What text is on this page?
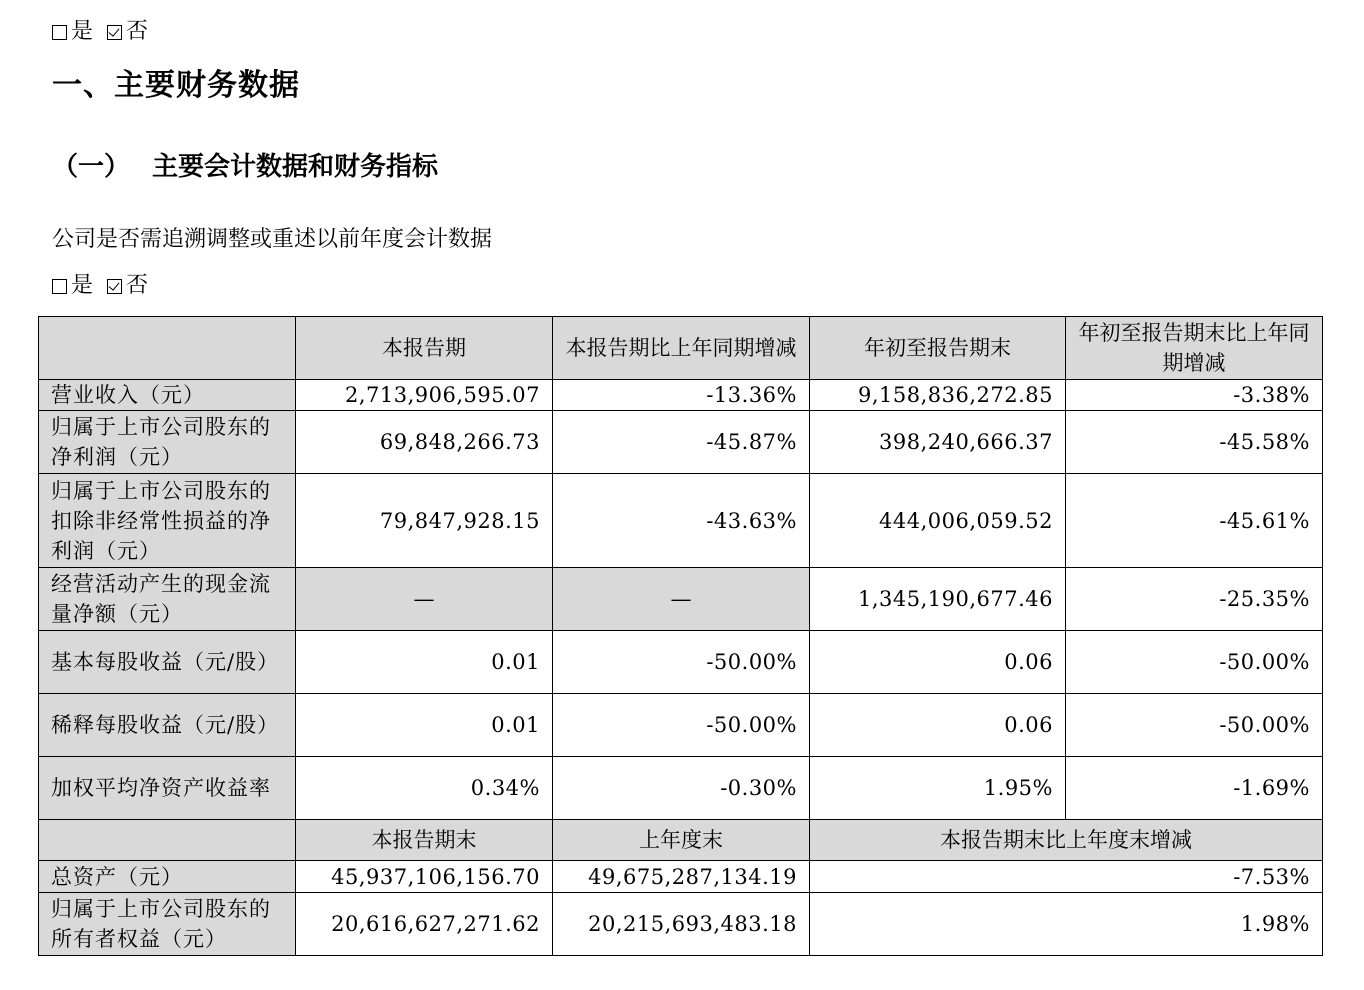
是 否
一、主要财务数据
（一） 主要会计数据和财务指标
公司是否需追溯调整或重述以前年度会计数据
是 否
	本报告期	本报告期比上年同期增减	年初至报告期末	年初至报告期末比上年同期增减
营业收入（元）	2,713,906,595.07	-13.36%	9,158,836,272.85	-3.38%
归属于上市公司股东的净利润（元）	69,848,266.73	-45.87%	398,240,666.37	-45.58%
归属于上市公司股东的扣除非经常性损益的净利润（元）	79,847,928.15	-43.63%	444,006,059.52	-45.61%
经营活动产生的现金流量净额（元）	—	—	1,345,190,677.46	-25.35%
基本每股收益（元/股）	0.01	-50.00%	0.06	-50.00%
稀释每股收益（元/股）	0.01	-50.00%	0.06	-50.00%
加权平均净资产收益率	0.34%	-0.30%	1.95%	-1.69%
	本报告期末	上年度末	本报告期末比上年度末增减	
总资产（元）	45,937,106,156.70	49,675,287,134.19	-7.53%	
归属于上市公司股东的所有者权益（元）	20,616,627,271.62	20,215,693,483.18	1.98%	
